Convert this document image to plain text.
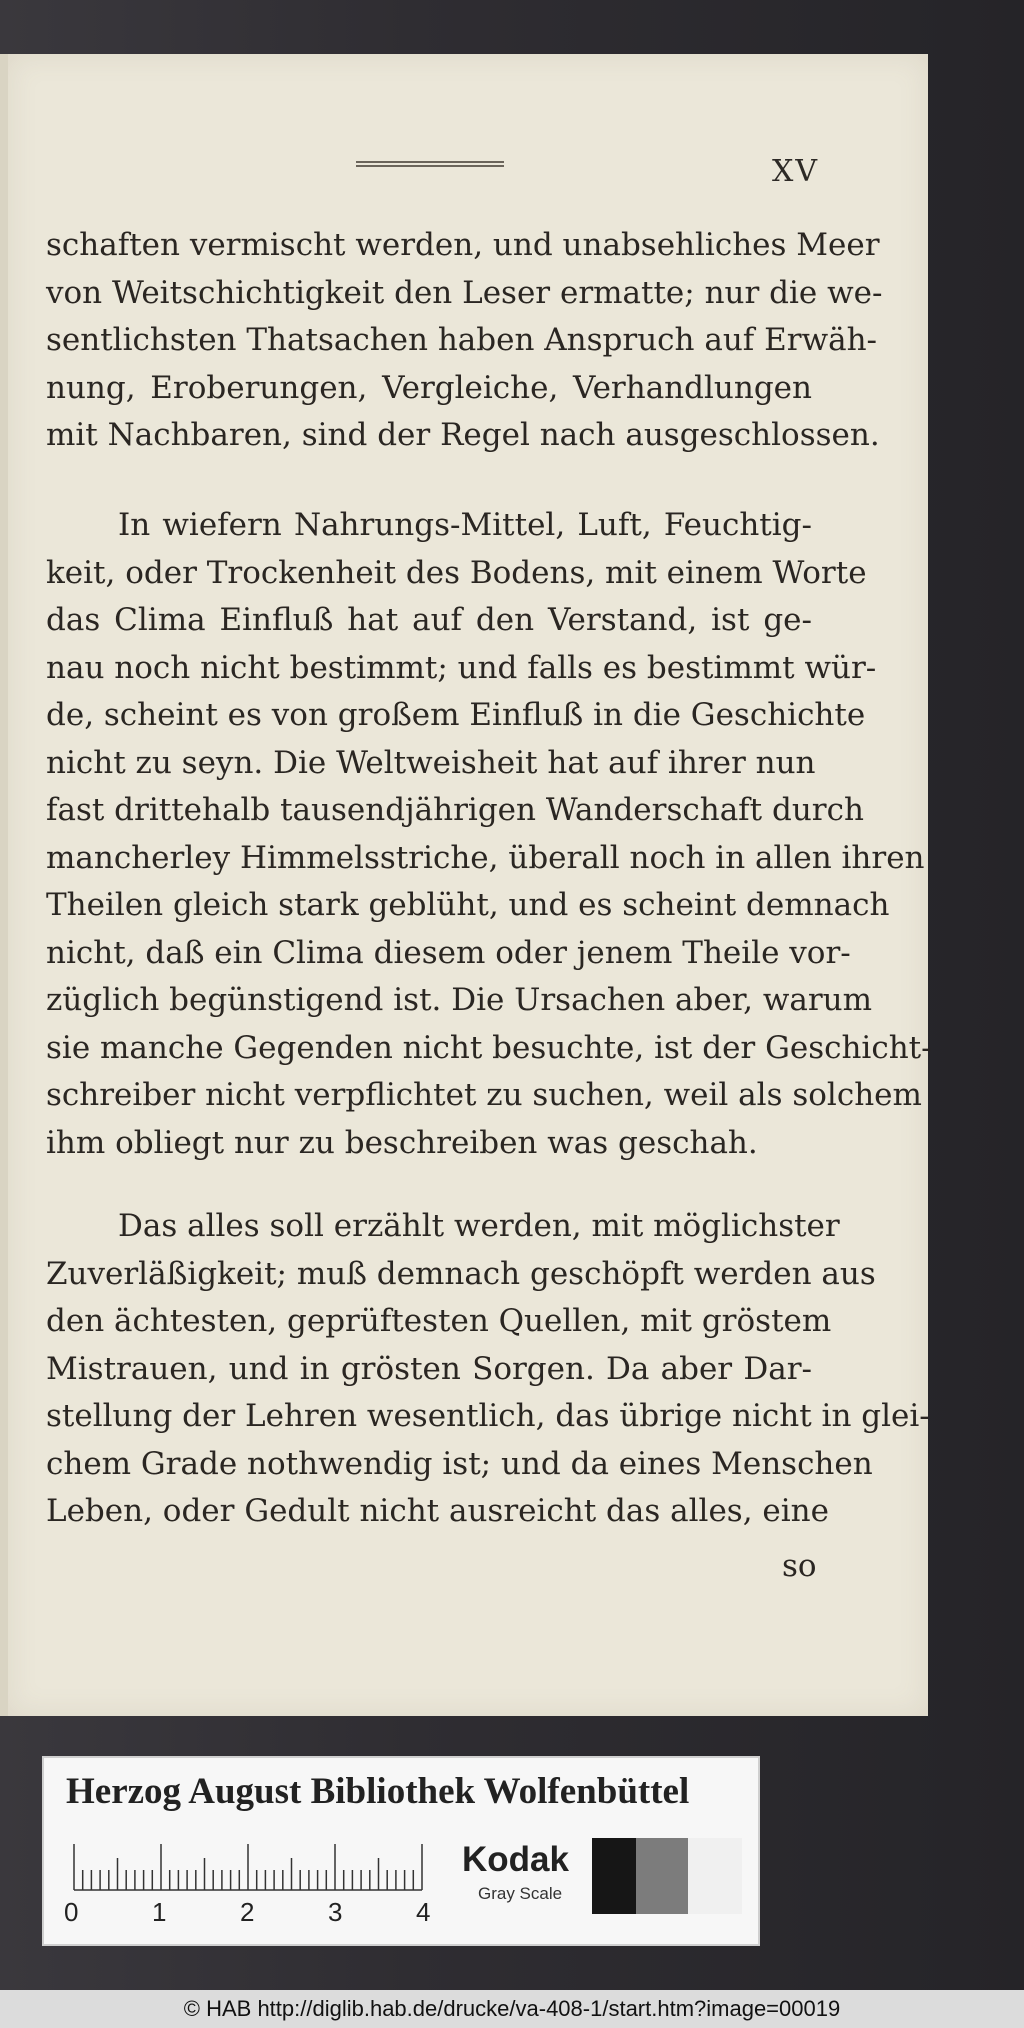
XV
schaften vermischt werden, und unabsehliches Meer
von Weitschichtigkeit den Leser ermatte; nur die we-
sentlichsten Thatsachen haben Anspruch auf Erwäh-
nung, Eroberungen, Vergleiche, Verhandlungen
mit Nachbaren, sind der Regel nach ausgeschlossen.
In wiefern Nahrungs-Mittel, Luft, Feuchtig-
keit, oder Trockenheit des Bodens, mit einem Worte
das Clima Einfluß hat auf den Verstand, ist ge-
nau noch nicht bestimmt; und falls es bestimmt wür-
de, scheint es von großem Einfluß in die Geschichte
nicht zu seyn. Die Weltweisheit hat auf ihrer nun
fast drittehalb tausendjährigen Wanderschaft durch
mancherley Himmelsstriche, überall noch in allen ihren
Theilen gleich stark geblüht, und es scheint demnach
nicht, daß ein Clima diesem oder jenem Theile vor-
züglich begünstigend ist. Die Ursachen aber, warum
sie manche Gegenden nicht besuchte, ist der Geschicht-
schreiber nicht verpflichtet zu suchen, weil als solchem
ihm obliegt nur zu beschreiben was geschah.
Das alles soll erzählt werden, mit möglichster
Zuverläßigkeit; muß demnach geschöpft werden aus
den ächtesten, geprüftesten Quellen, mit gröstem
Mistrauen, und in grösten Sorgen. Da aber Dar-
stellung der Lehren wesentlich, das übrige nicht in glei-
chem Grade nothwendig ist; und da eines Menschen
Leben, oder Gedult nicht ausreicht das alles, eine
so
Herzog August Bibliothek Wolfenbüttel
0	1	2	3	4
Kodak
Gray Scale
© HAB http://diglib.hab.de/drucke/va-408-1/start.htm?image=00019
